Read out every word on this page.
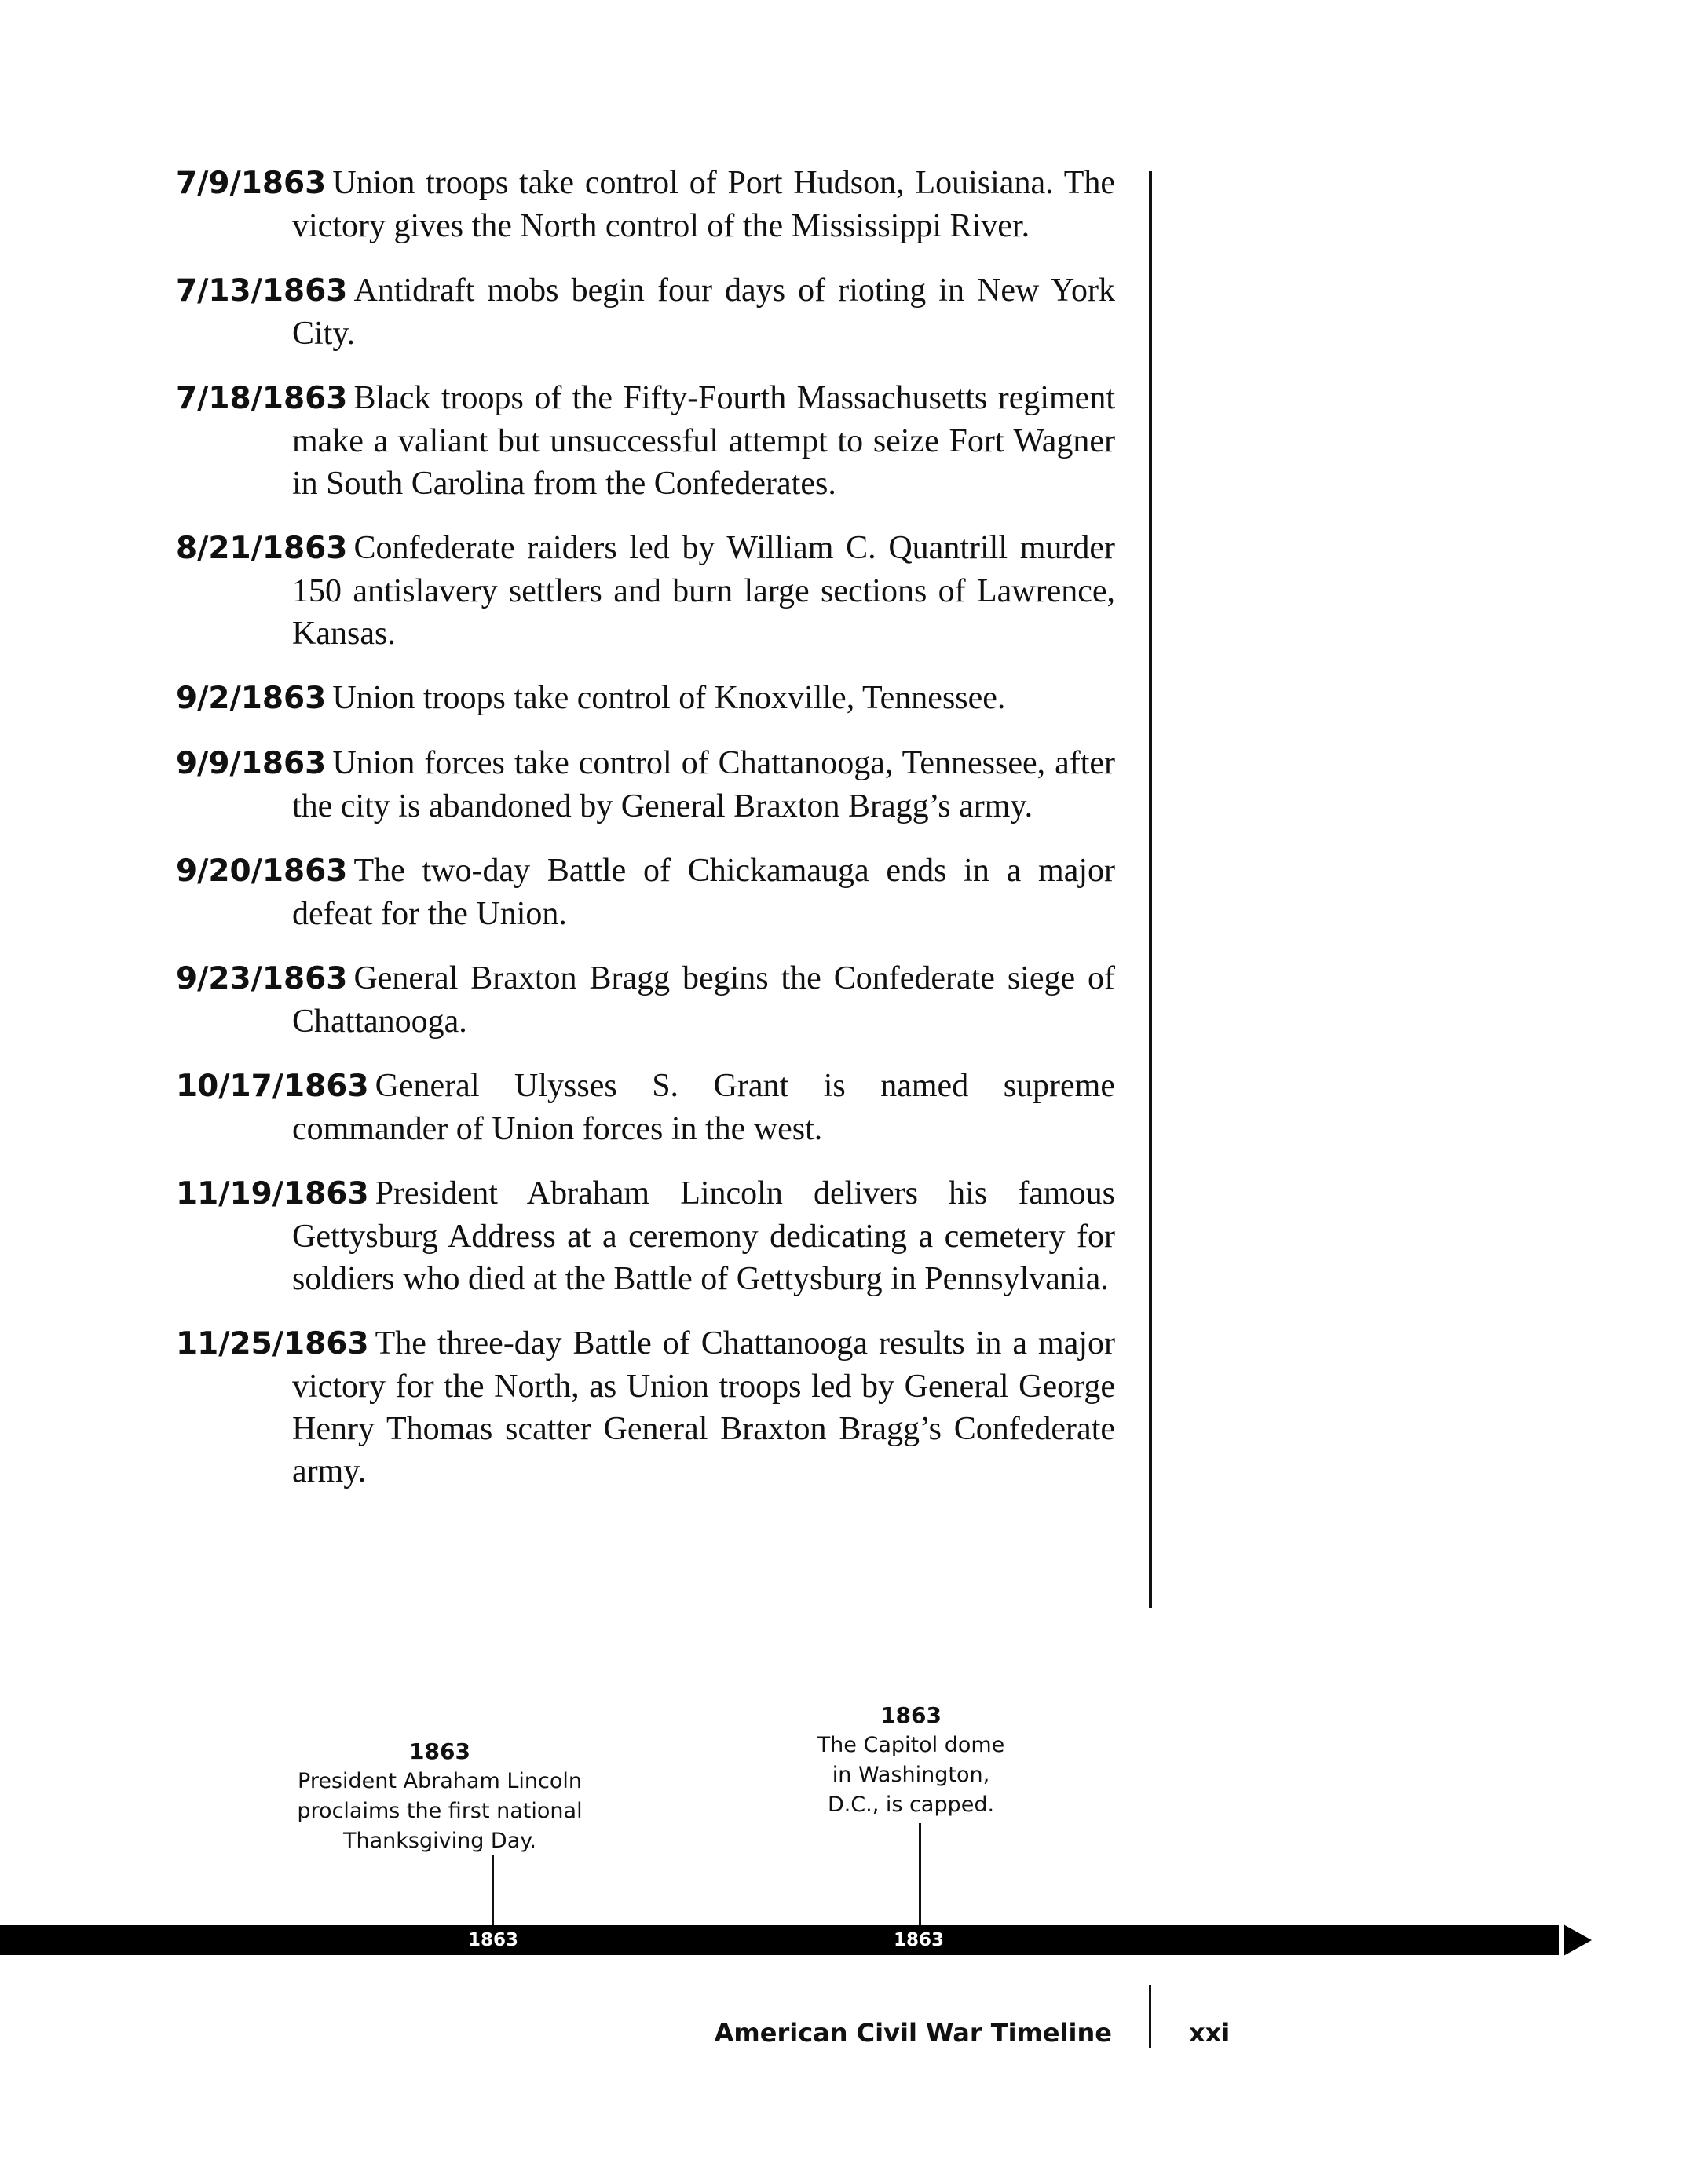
7/9/1863 Union troops take control of Port Hudson, Louisiana. The victory gives the North control of the Mississippi River.

7/13/1863 Antidraft mobs begin four days of rioting in New York City.

7/18/1863 Black troops of the Fifty-Fourth Massachusetts regiment make a valiant but unsuccessful attempt to seize Fort Wagner in South Carolina from the Confederates.

8/21/1863 Confederate raiders led by William C. Quantrill murder 150 antislavery settlers and burn large sections of Lawrence, Kansas.

9/2/1863 Union troops take control of Knoxville, Tennessee.

9/9/1863 Union forces take control of Chattanooga, Tennessee, after the city is abandoned by General Braxton Bragg’s army.

9/20/1863 The two-day Battle of Chickamauga ends in a major defeat for the Union.

9/23/1863 General Braxton Bragg begins the Confederate siege of Chattanooga.

10/17/1863 General Ulysses S. Grant is named supreme commander of Union forces in the west.

11/19/1863 President Abraham Lincoln delivers his famous Gettysburg Address at a ceremony dedicating a cemetery for soldiers who died at the Battle of Gettysburg in Pennsylvania.

11/25/1863 The three-day Battle of Chattanooga results in a major victory for the North, as Union troops led by General George Henry Thomas scatter General Braxton Bragg’s Confederate army.

1863
President Abraham Lincoln
proclaims the first national
Thanksgiving Day.
1863
The Capitol dome
in Washington,
D.C., is capped.
1863	1863
American Civil War Timeline	xxi
